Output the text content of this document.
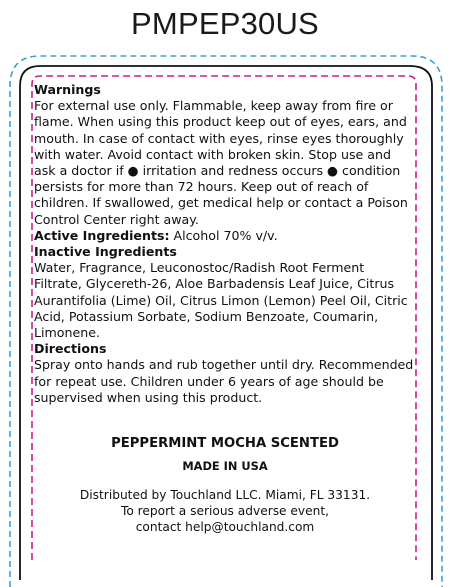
PMPEP30US

Warnings

For external use only. Flammable, keep away from fire or flame. When using this product keep out of eyes, ears, and mouth. In case of contact with eyes, rinse eyes thoroughly with water. Avoid contact with broken skin. Stop use and ask a doctor if ● irritation and redness occurs ● condition persists for more than 72 hours. Keep out of reach of children. If swallowed, get medical help or contact a Poison Control Center right away.

Active Ingredients: Alcohol 70% v/v.

Inactive Ingredients

Water, Fragrance, Leuconostoc/Radish Root Ferment Filtrate, Glycereth-26, Aloe Barbadensis Leaf Juice, Citrus Aurantifolia (Lime) Oil, Citrus Limon (Lemon) Peel Oil, Citric Acid, Potassium Sorbate, Sodium Benzoate, Coumarin, Limonene.

Directions

Spray onto hands and rub together until dry. Recommended for repeat use. Children under 6 years of age should be supervised when using this product.

PEPPERMINT MOCHA SCENTED
MADE IN USA
Distributed by Touchland LLC. Miami, FL 33131.
To report a serious adverse event,
contact help@touchland.com
